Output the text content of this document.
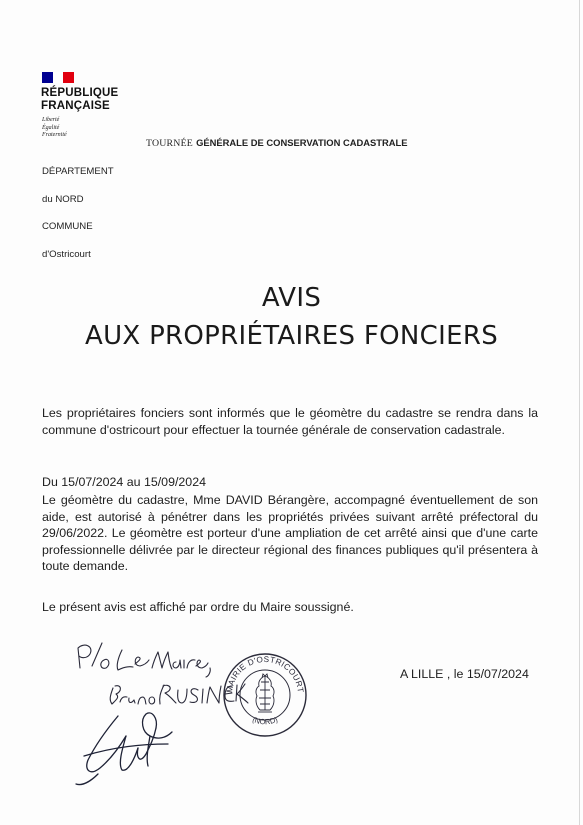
RÉPUBLIQUE
FRANÇAISE
Liberté
Égalité
Fraternité
TOURNÉE GÉNÉRALE DE CONSERVATION CADASTRALE
DÉPARTEMENT
du NORD
COMMUNE
d'Ostricourt
AVIS
AUX PROPRIÉTAIRES FONCIERS

Les propriétaires fonciers sont informés que le géomètre du cadastre se rendra dans la commune d'ostricourt pour effectuer la tournée générale de conservation cadastrale.

Du 15/07/2024 au 15/09/2024

Le géomètre du cadastre, Mme DAVID Bérangère, accompagné éventuellement de son aide, est autorisé à pénétrer dans les propriétés privées suivant arrêté préfectoral du 29/06/2022. Le géomètre est porteur d'une ampliation de cet arrêté ainsi que d'une carte professionnelle délivrée par le directeur régional des finances publiques qu'il présentera à toute demande.

Le présent avis est affiché par ordre du Maire soussigné.

A LILLE , le 15/07/2024
MAIRIE D'OSTRICOURT
(NORD)
